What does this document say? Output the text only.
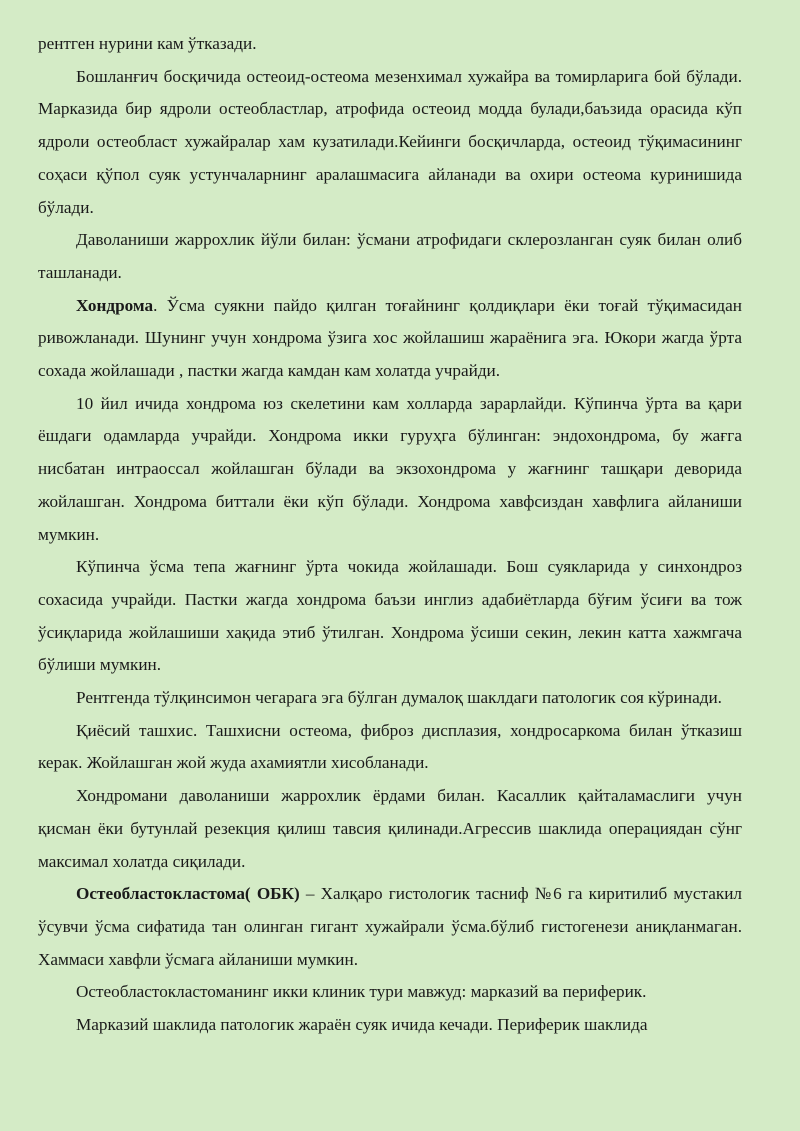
рентген нурини кам ўтказади.

Бошланғич босқичида остеоид-остеома мезенхимал хужайра ва томирларига бой бўлади. Марказида бир ядроли остеобластлар, атрофида остеоид модда булади,баъзида орасида кўп ядроли остеобласт хужайралар хам кузатилади.Кейинги босқичларда, остеоид тўқимасининг соҳаси қўпол суяк устунчаларнинг аралашмасига айланади ва охири остеома куринишида бўлади.

Даволаниши жаррохлик йўли билан: ўсмани атрофидаги склерозланган суяк билан олиб ташланади.

Хондрома. Ўсма суякни пайдо қилган тоғайнинг қолдиқлари ёки тоғай тўқимасидан ривожланади. Шунинг учун хондрома ўзига хос жойлашиш жараёнига эга. Юкори жагда ўрта сохада жойлашади , пастки жагда камдан кам холатда учрайди.

10 йил ичида хондрома юз скелетини кам холларда зарарлайди. Кўпинча ўрта ва қари ёшдаги одамларда учрайди. Хондрома икки гуруҳга бўлинган: эндохондрома, бу жағга нисбатан интраоссал жойлашган бўлади ва экзохондрома у жағнинг ташқари деворида жойлашган. Хондрома биттали ёки кўп бўлади. Хондрома хавфсиздан хавфлига айланиши мумкин.

Кўпинча ўсма тепа жағнинг ўрта чокида жойлашади. Бош суякларида у синхондроз сохасида учрайди. Пастки жагда хондрома баъзи инглиз адабиётларда бўғим ўсиғи ва тож ўсиқларида жойлашиши хақида этиб ўтилган. Хондрома ўсиши секин, лекин катта хажмгача бўлиши мумкин.

Рентгенда тўлқинсимон чегарага эга бўлган думалоқ шаклдаги патологик соя кўринади.

Қиёсий ташхис. Ташхисни остеома, фиброз дисплазия, хондросаркома билан ўтказиш керак. Жойлашган жой жуда ахамиятли хисобланади.

Хондромани даволаниши жаррохлик ёрдами билан. Касаллик қайталамаслиги учун қисман ёки бутунлай резекция қилиш тавсия қилинади.Агрессив шаклида операциядан сўнг максимал холатда сиқилади.

Остеобластокластома( ОБК) – Халқаро гистологик тасниф №6 га киритилиб мустакил ўсувчи ўсма сифатида тан олинган гигант хужайрали ўсма.бўлиб гистогенези аниқланмаган. Хаммаси хавфли ўсмага айланиши мумкин.

Остеобластокластоманинг икки клиник тури мавжуд: марказий ва периферик.

Марказий шаклида патологик жараён суяк ичида кечади. Периферик шаклида
